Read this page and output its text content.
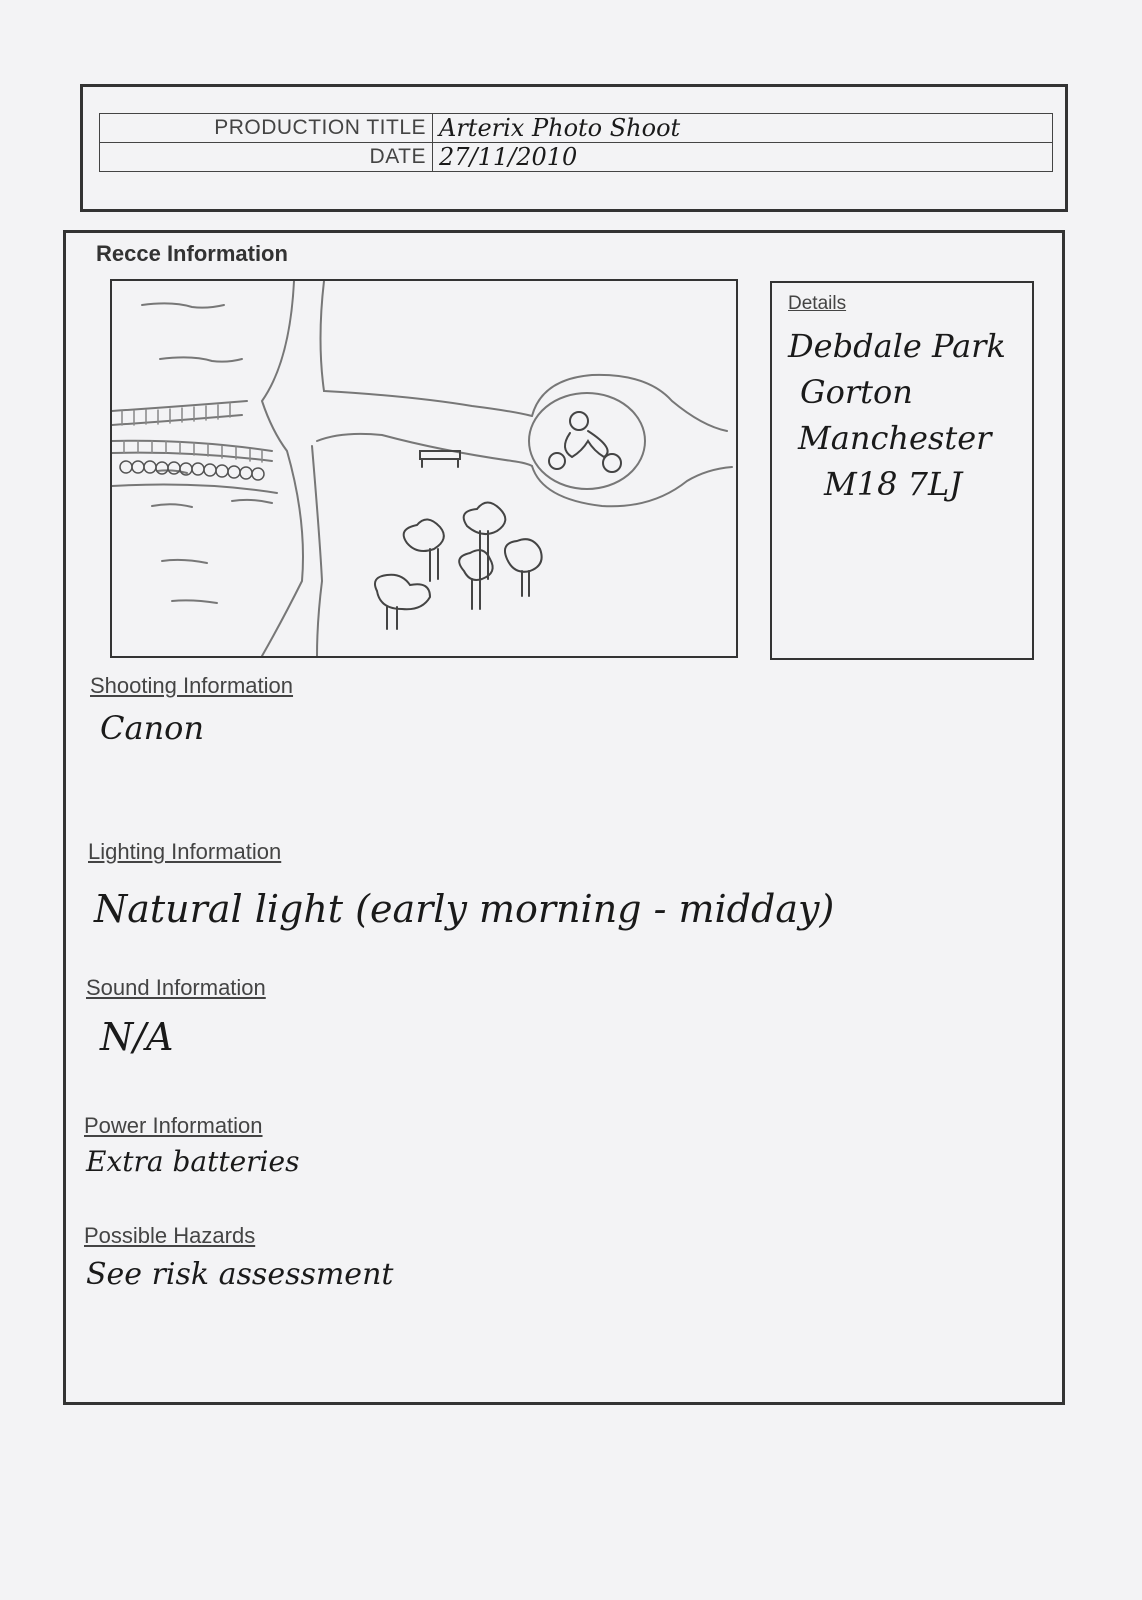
PRODUCTION TITLE	Arterix Photo Shoot
DATE	27/11/2010
Recce Information
Details
Debdale Park
Gorton
Manchester
M18 7LJ
Shooting Information
Canon
Lighting Information
Natural light (early morning - midday)
Sound Information
N/A
Power Information
Extra batteries
Possible Hazards
See risk assessment
